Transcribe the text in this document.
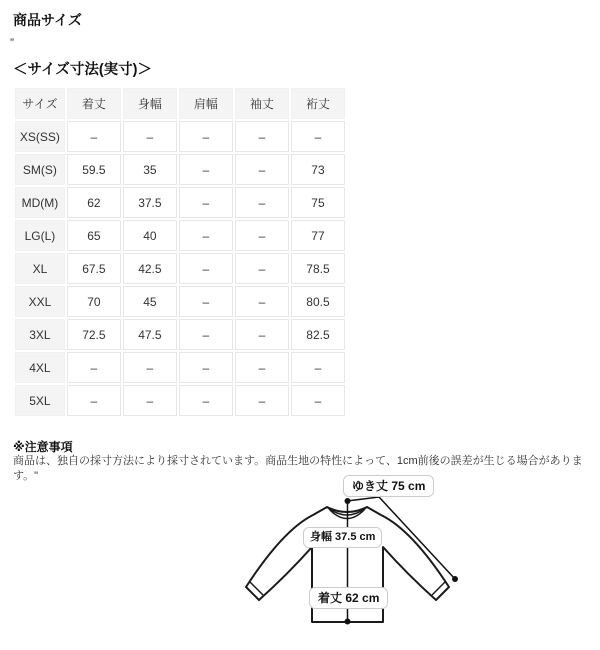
商品サイズ
”
＜サイズ寸法(実寸)＞
サイズ	着丈	身幅	肩幅	袖丈	裄丈
XS(SS)	–	–	–	–	–
SM(S)	59.5	35	–	–	73
MD(M)	62	37.5	–	–	75
LG(L)	65	40	–	–	77
XL	67.5	42.5	–	–	78.5
XXL	70	45	–	–	80.5
3XL	72.5	47.5	–	–	82.5
4XL	–	–	–	–	–
5XL	–	–	–	–	–
※注意事項
商品は、独自の採寸方法により採寸されています。商品生地の特性によって、1cm前後の誤差が生じる場合があります。"
ゆき丈 75 cm
身幅 37.5 cm
着丈 62 cm
